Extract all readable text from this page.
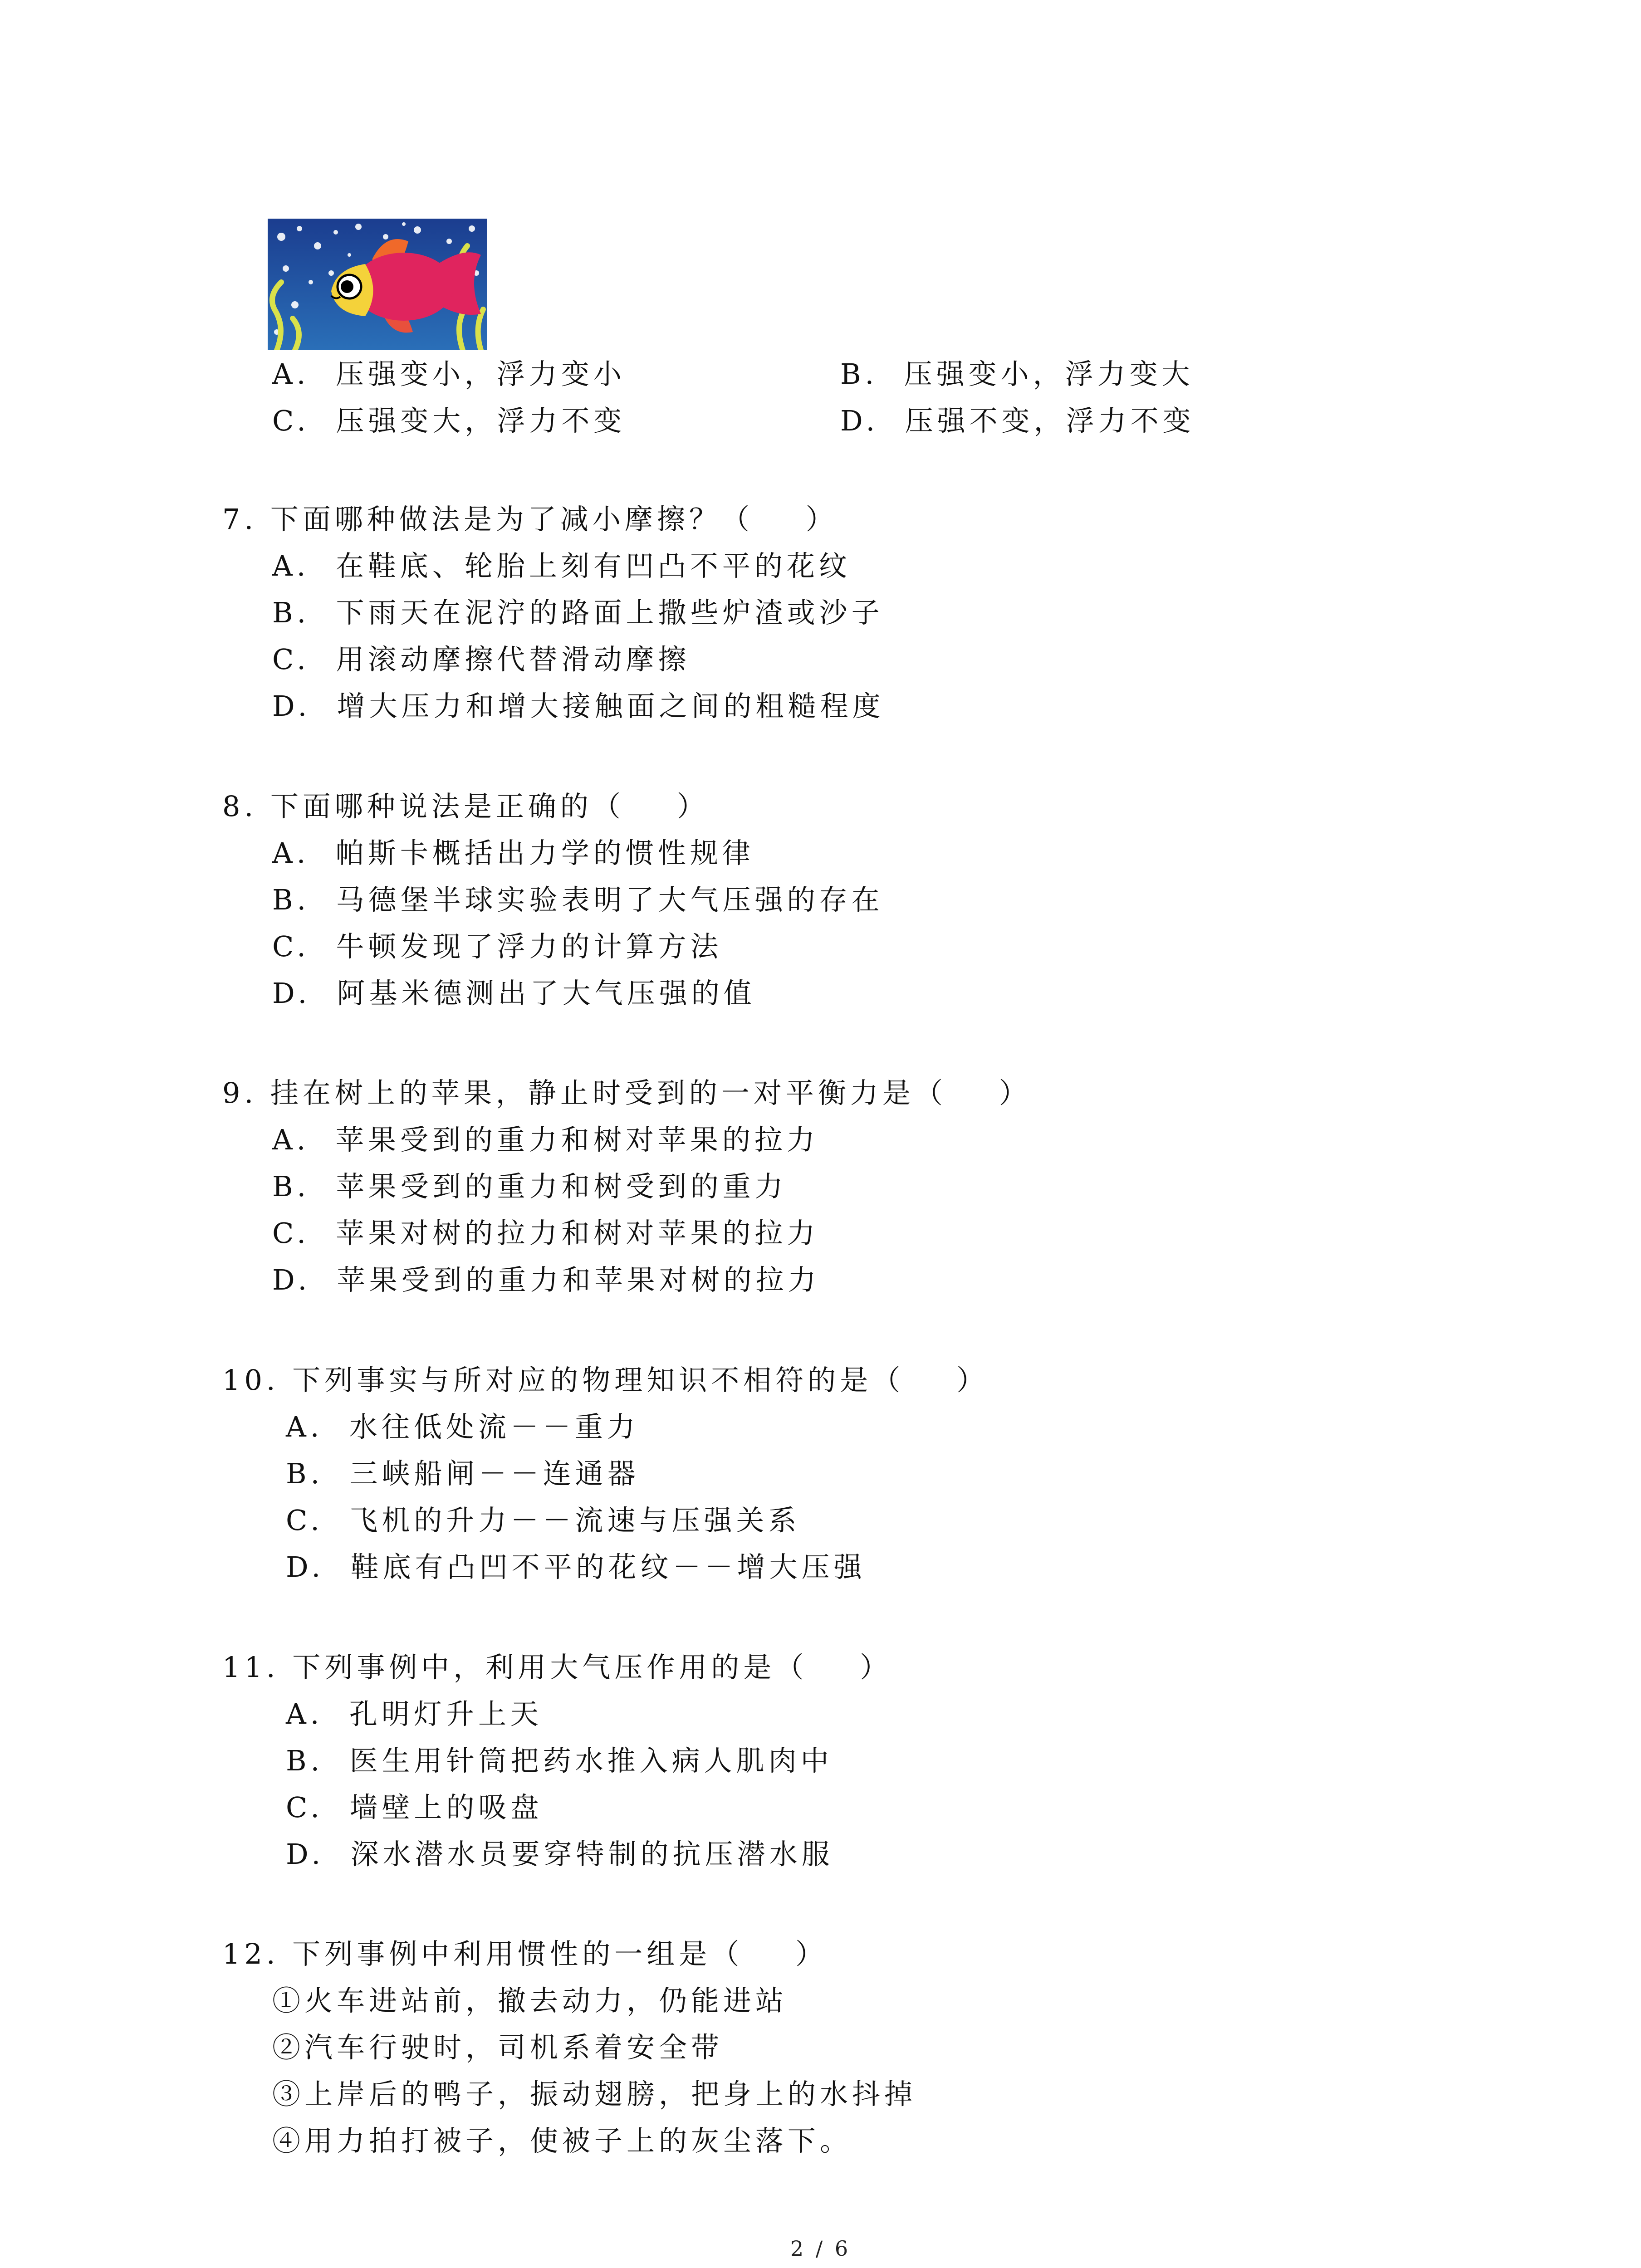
A.  压强变小，浮力变小	B.  压强变小，浮力变大
C.  压强变大，浮力不变	D.  压强不变，浮力不变
7. 下面哪种做法是为了减小摩擦？（    ）
A.  在鞋底、轮胎上刻有凹凸不平的花纹
B.  下雨天在泥泞的路面上撒些炉渣或沙子
C.  用滚动摩擦代替滑动摩擦
D.  增大压力和增大接触面之间的粗糙程度
8. 下面哪种说法是正确的（    ）
A.  帕斯卡概括出力学的惯性规律
B.  马德堡半球实验表明了大气压强的存在
C.  牛顿发现了浮力的计算方法
D.  阿基米德测出了大气压强的值
9. 挂在树上的苹果，静止时受到的一对平衡力是（    ）
A.  苹果受到的重力和树对苹果的拉力
B.  苹果受到的重力和树受到的重力
C.  苹果对树的拉力和树对苹果的拉力
D.  苹果受到的重力和苹果对树的拉力
10. 下列事实与所对应的物理知识不相符的是（    ）
A.  水往低处流－－重力
B.  三峡船闸－－连通器
C.  飞机的升力－－流速与压强关系
D.  鞋底有凸凹不平的花纹－－增大压强
11. 下列事例中，利用大气压作用的是（    ）
A.  孔明灯升上天
B.  医生用针筒把药水推入病人肌肉中
C.  墙壁上的吸盘
D.  深水潜水员要穿特制的抗压潜水服
12. 下列事例中利用惯性的一组是（    ）
①火车进站前，撤去动力，仍能进站
②汽车行驶时，司机系着安全带
③上岸后的鸭子，振动翅膀，把身上的水抖掉
④用力拍打被子，使被子上的灰尘落下。
2 / 6
